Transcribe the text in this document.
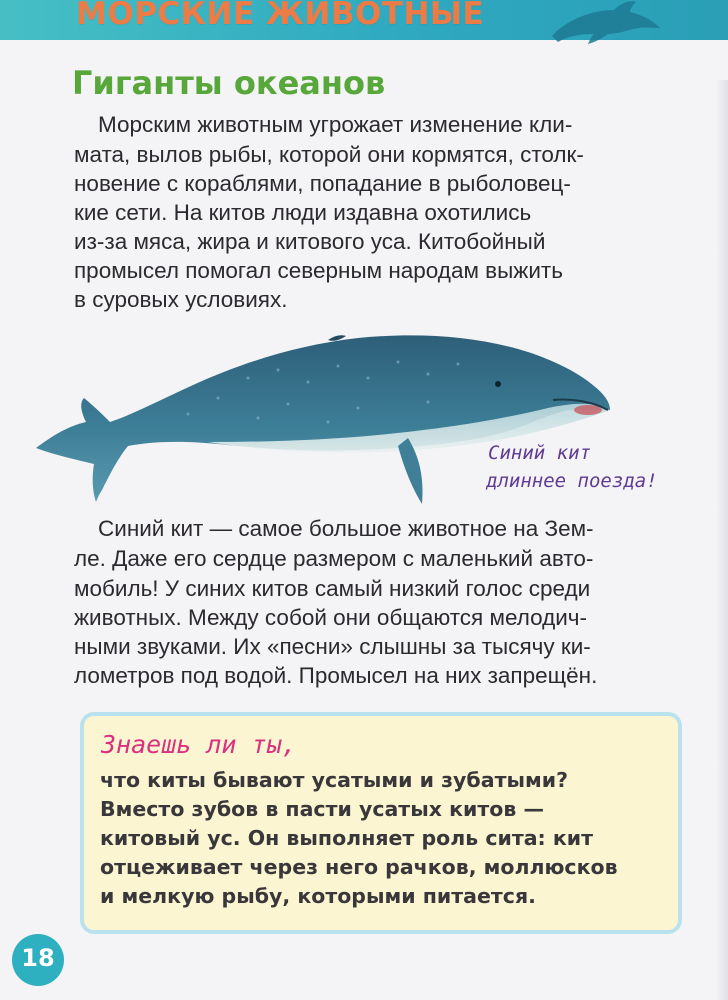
МОРСКИЕ ЖИВОТНЫЕ
Гиганты океанов
Морским животным угрожает изменение кли-
мата, вылов рыбы, которой они кормятся, столк-
новение с кораблями, попадание в рыболовец-
кие сети. На китов люди издавна охотились
из-за мяса, жира и китового уса. Китобойный
промысел помогал северным народам выжить
в суровых условиях.
Синий кит
длиннее поезда!
Синий кит — самое большое животное на Зем-
ле. Даже его сердце размером с маленький авто-
мобиль! У синих китов самый низкий голос среди
животных. Между собой они общаются мелодич-
ными звуками. Их «песни» слышны за тысячу ки-
лометров под водой. Промысел на них запрещён.
Знаешь ли ты,
что киты бывают усатыми и зубатыми?
Вместо зубов в пасти усатых китов —
китовый ус. Он выполняет роль сита: кит
отцеживает через него рачков, моллюсков
и мелкую рыбу, которыми питается.
18
